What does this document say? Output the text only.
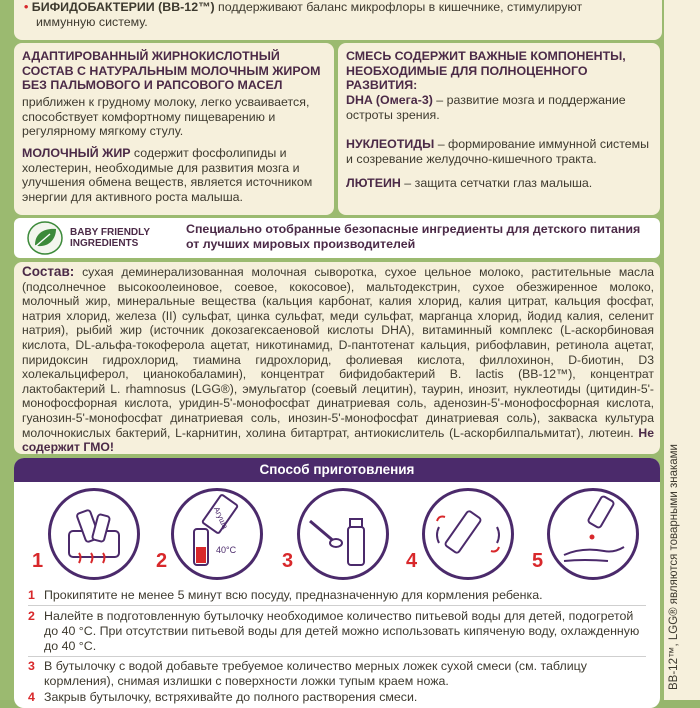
• БИФИДОБАКТЕРИИ (BB-12™) поддерживают баланс микрофлоры в кишечнике, стимулируют
иммунную систему.
АДАПТИРОВАННЫЙ ЖИРНОКИСЛОТНЫЙ СОСТАВ С НАТУРАЛЬНЫМ МОЛОЧНЫМ ЖИРОМ БЕЗ ПАЛЬМОВОГО И РАПСОВОГО МАСЕЛ
приближен к грудному молоку, легко усваивается, способствует комфортному пищеварению и регулярному мягкому стулу.
МОЛОЧНЫЙ ЖИР содержит фосфолипиды и холестерин, необходимые для развития мозга и улучшения обмена веществ, является источником энергии для активного роста малыша.
СМЕСЬ СОДЕРЖИТ ВАЖНЫЕ КОМПОНЕНТЫ, НЕОБХОДИМЫЕ ДЛЯ ПОЛНОЦЕННОГО РАЗВИТИЯ:
DHA (Омега-3) – развитие мозга и поддержание остроты зрения.
НУКЛЕОТИДЫ – формирование иммунной системы и созревание желудочно-кишечного тракта.
ЛЮТЕИН – защита сетчатки глаз малыша.
BABY FRIENDLY
INGREDIENTS
Специально отобранные безопасные ингредиенты для детского питания от лучших мировых производителей
Состав: сухая деминерализованная молочная сыворотка, сухое цельное молоко, растительные масла (подсолнечное высокоолеиновое, соевое, кокосовое), мальтодекстрин, сухое обезжиренное молоко, молочный жир, минеральные вещества (кальция карбонат, калия хлорид, калия цитрат, кальция фосфат, натрия хлорид, железа (II) сульфат, цинка сульфат, меди сульфат, марганца хлорид, йодид калия, селенит натрия), рыбий жир (источник докозагексаеновой кислоты DHA), витаминный комплекс (L-аскорбиновая кислота, DL-альфа-токоферола ацетат, никотинамид, D-пантотенат кальция, рибофлавин, ретинола ацетат, пиридоксин гидрохлорид, тиамина гидрохлорид, фолиевая кислота, филлохинон, D-биотин, D3 холекальциферол, цианокобаламин), концентрат бифидобактерий B. lactis (BB-12™), концентрат лактобактерий L. rhamnosus (LGG®), эмульгатор (соевый лецитин), таурин, инозит, нуклеотиды (цитидин-5'-монофосфорная кислота, уридин-5'-монофосфат динатриевая соль, аденозин-5'-монофосфорная кислота, гуанозин-5'-монофосфат динатриевая соль, инозин-5'-монофосфат динатриевая соль), закваска культура молочнокислых бактерий, L-карнитин, холина битартрат, антиокислитель (L-аскорбилпальмитат), лютеин. Не содержит ГМО!
Способ приготовления
1
Агуша
40°C
2	3	4	5
1 Прокипятите не менее 5 минут всю посуду, предназначенную для кормления ребенка.
2 Налейте в подготовленную бутылочку необходимое количество питьевой воды для детей, подогретой до 40 °С. При отсутствии питьевой воды для детей можно использовать кипяченую воду, охлажденную до 40 °С.
3 В бутылочку с водой добавьте требуемое количество мерных ложек сухой смеси (см. таблицу кормления), снимая излишки с поверхности ложки тупым краем ножа.
4 Закрыв бутылочку, встряхивайте до полного растворения смеси.
BB-12™, LGG® являются товарными знаками
